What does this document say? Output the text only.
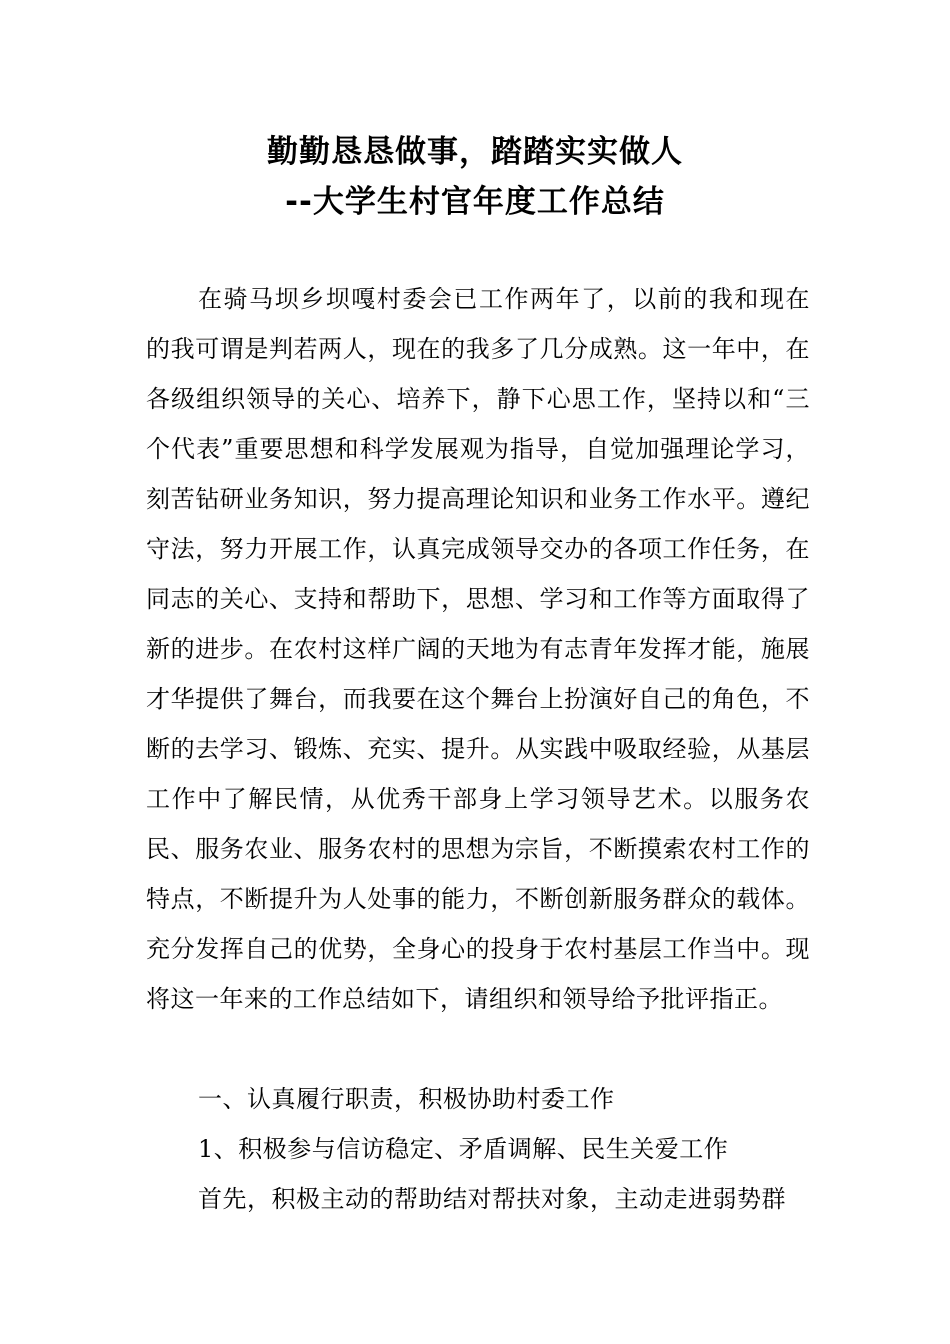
勤勤恳恳做事，踏踏实实做人
--大学生村官年度工作总结
在骑马坝乡坝嘎村委会已工作两年了，以前的我和现在的我可谓是判若两人，现在的我多了几分成熟。这一年中，在各级组织领导的关心、培养下，静下心思工作，坚持以和“三个代表”重要思想和科学发展观为指导，自觉加强理论学习，刻苦钻研业务知识，努力提高理论知识和业务工作水平。遵纪守法，努力开展工作，认真完成领导交办的各项工作任务，在同志的关心、支持和帮助下，思想、学习和工作等方面取得了新的进步。在农村这样广阔的天地为有志青年发挥才能，施展才华提供了舞台，而我要在这个舞台上扮演好自己的角色，不断的去学习、锻炼、充实、提升。从实践中吸取经验，从基层工作中了解民情，从优秀干部身上学习领导艺术。以服务农民、服务农业、服务农村的思想为宗旨，不断摸索农村工作的特点，不断提升为人处事的能力，不断创新服务群众的载体。充分发挥自己的优势，全身心的投身于农村基层工作当中。现将这一年来的工作总结如下，请组织和领导给予批评指正。
一、认真履行职责，积极协助村委工作
1、积极参与信访稳定、矛盾调解、民生关爱工作
首先，积极主动的帮助结对帮扶对象，主动走进弱势群
